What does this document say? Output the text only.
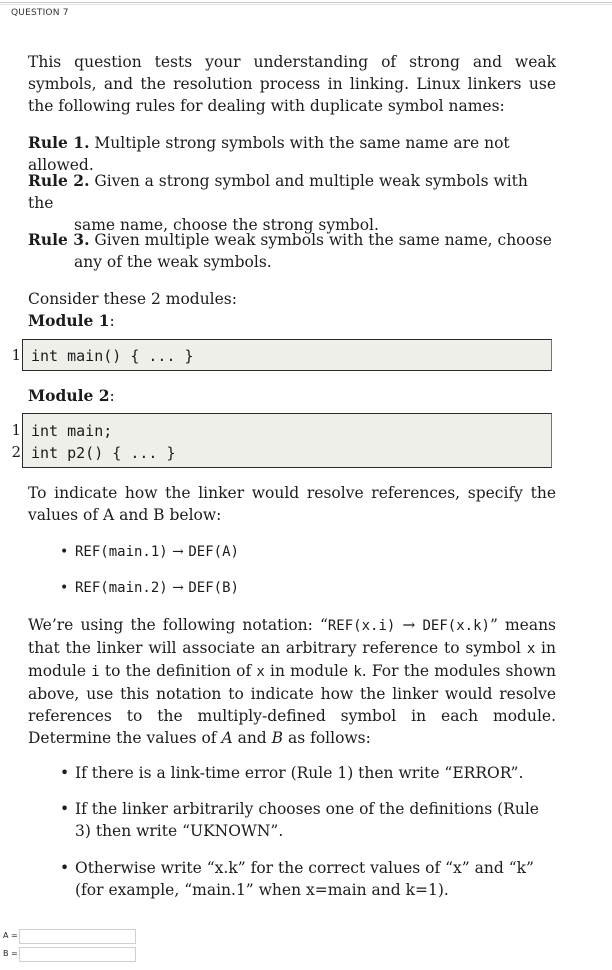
QUESTION 7
This question tests your understanding of strong and weak symbols, and the resolution process in linking. Linux linkers use the following rules for dealing with duplicate symbol names:
Rule 1. Multiple strong symbols with the same name are not allowed.
Rule 2. Given a strong symbol and multiple weak symbols with the
same name, choose the strong symbol.
Rule 3. Given multiple weak symbols with the same name, choose
any of the weak symbols.
Consider these 2 modules:
Module 1:
1 int main() { ... }
Module 2:
1
2
int main;
int p2() { ... }
To indicate how the linker would resolve references, specify the values of A and B below:
• REF(main.1) → DEF(A)
• REF(main.2) → DEF(B)
We’re using the following notation: “REF(x.i) → DEF(x.k)” means that the linker will associate an arbitrary reference to symbol x in module i to the definition of x in module k. For the modules shown above, use this notation to indicate how the linker would resolve references to the multiply-defined symbol in each module. Determine the values of A and B as follows:
• If there is a link-time error (Rule 1) then write “ERROR”.
• If the linker arbitrarily chooses one of the definitions (Rule 3) then write “UKNOWN”.
• Otherwise write “x.k” for the correct values of “x” and “k” (for example, “main.1” when x=main and k=1).
A =
B =
